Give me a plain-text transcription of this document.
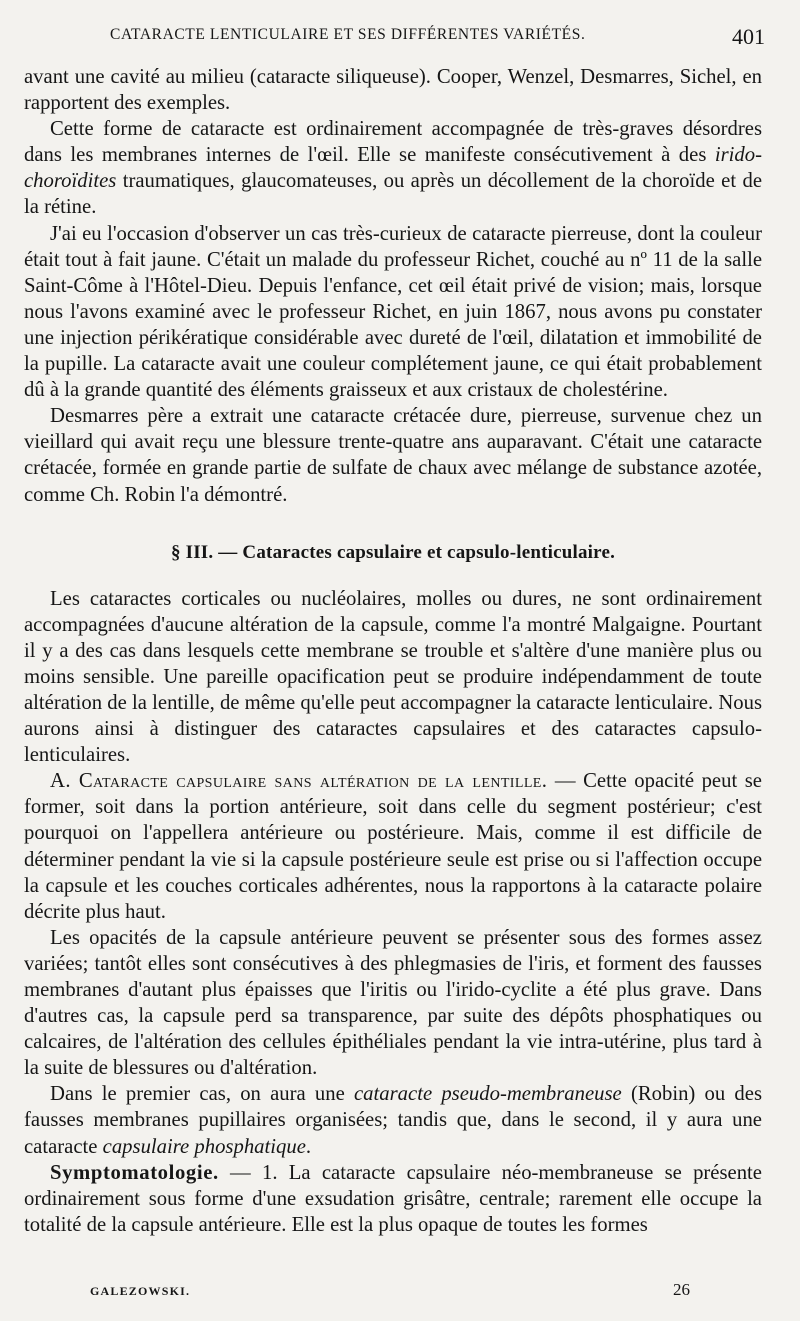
CATARACTE LENTICULAIRE ET SES DIFFÉRENTES VARIÉTÉS.	401

avant une cavité au milieu (cataracte siliqueuse). Cooper, Wenzel, Desmarres, Sichel, en rapportent des exemples.

Cette forme de cataracte est ordinairement accompagnée de très-graves désordres dans les membranes internes de l'œil. Elle se manifeste consécutivement à des irido-choroïdites traumatiques, glaucomateuses, ou après un décollement de la choroïde et de la rétine.

J'ai eu l'occasion d'observer un cas très-curieux de cataracte pierreuse, dont la couleur était tout à fait jaune. C'était un malade du professeur Richet, couché au nº 11 de la salle Saint-Côme à l'Hôtel-Dieu. Depuis l'enfance, cet œil était privé de vision; mais, lorsque nous l'avons examiné avec le professeur Richet, en juin 1867, nous avons pu constater une injection périkératique considérable avec dureté de l'œil, dilatation et immobilité de la pupille. La cataracte avait une couleur complétement jaune, ce qui était probablement dû à la grande quantité des éléments graisseux et aux cristaux de cholestérine.

Desmarres père a extrait une cataracte crétacée dure, pierreuse, survenue chez un vieillard qui avait reçu une blessure trente-quatre ans auparavant. C'était une cataracte crétacée, formée en grande partie de sulfate de chaux avec mélange de substance azotée, comme Ch. Robin l'a démontré.

§ III. — Cataractes capsulaire et capsulo-lenticulaire.

Les cataractes corticales ou nucléolaires, molles ou dures, ne sont ordinairement accompagnées d'aucune altération de la capsule, comme l'a montré Malgaigne. Pourtant il y a des cas dans lesquels cette membrane se trouble et s'altère d'une manière plus ou moins sensible. Une pareille opacification peut se produire indépendamment de toute altération de la lentille, de même qu'elle peut accompagner la cataracte lenticulaire. Nous aurons ainsi à distinguer des cataractes capsulaires et des cataractes capsulo-lenticulaires.

A. Cataracte capsulaire sans altération de la lentille. — Cette opacité peut se former, soit dans la portion antérieure, soit dans celle du segment postérieur; c'est pourquoi on l'appellera antérieure ou postérieure. Mais, comme il est difficile de déterminer pendant la vie si la capsule postérieure seule est prise ou si l'affection occupe la capsule et les couches corticales adhérentes, nous la rapportons à la cataracte polaire décrite plus haut.

Les opacités de la capsule antérieure peuvent se présenter sous des formes assez variées; tantôt elles sont consécutives à des phlegmasies de l'iris, et forment des fausses membranes d'autant plus épaisses que l'iritis ou l'irido-cyclite a été plus grave. Dans d'autres cas, la capsule perd sa transparence, par suite des dépôts phosphatiques ou calcaires, de l'altération des cellules épithéliales pendant la vie intra-utérine, plus tard à la suite de blessures ou d'altération.

Dans le premier cas, on aura une cataracte pseudo-membraneuse (Robin) ou des fausses membranes pupillaires organisées; tandis que, dans le second, il y aura une cataracte capsulaire phosphatique.

Symptomatologie. — 1. La cataracte capsulaire néo-membraneuse se présente ordinairement sous forme d'une exsudation grisâtre, centrale; rarement elle occupe la totalité de la capsule antérieure. Elle est la plus opaque de toutes les formes

GALEZOWSKI.	26
